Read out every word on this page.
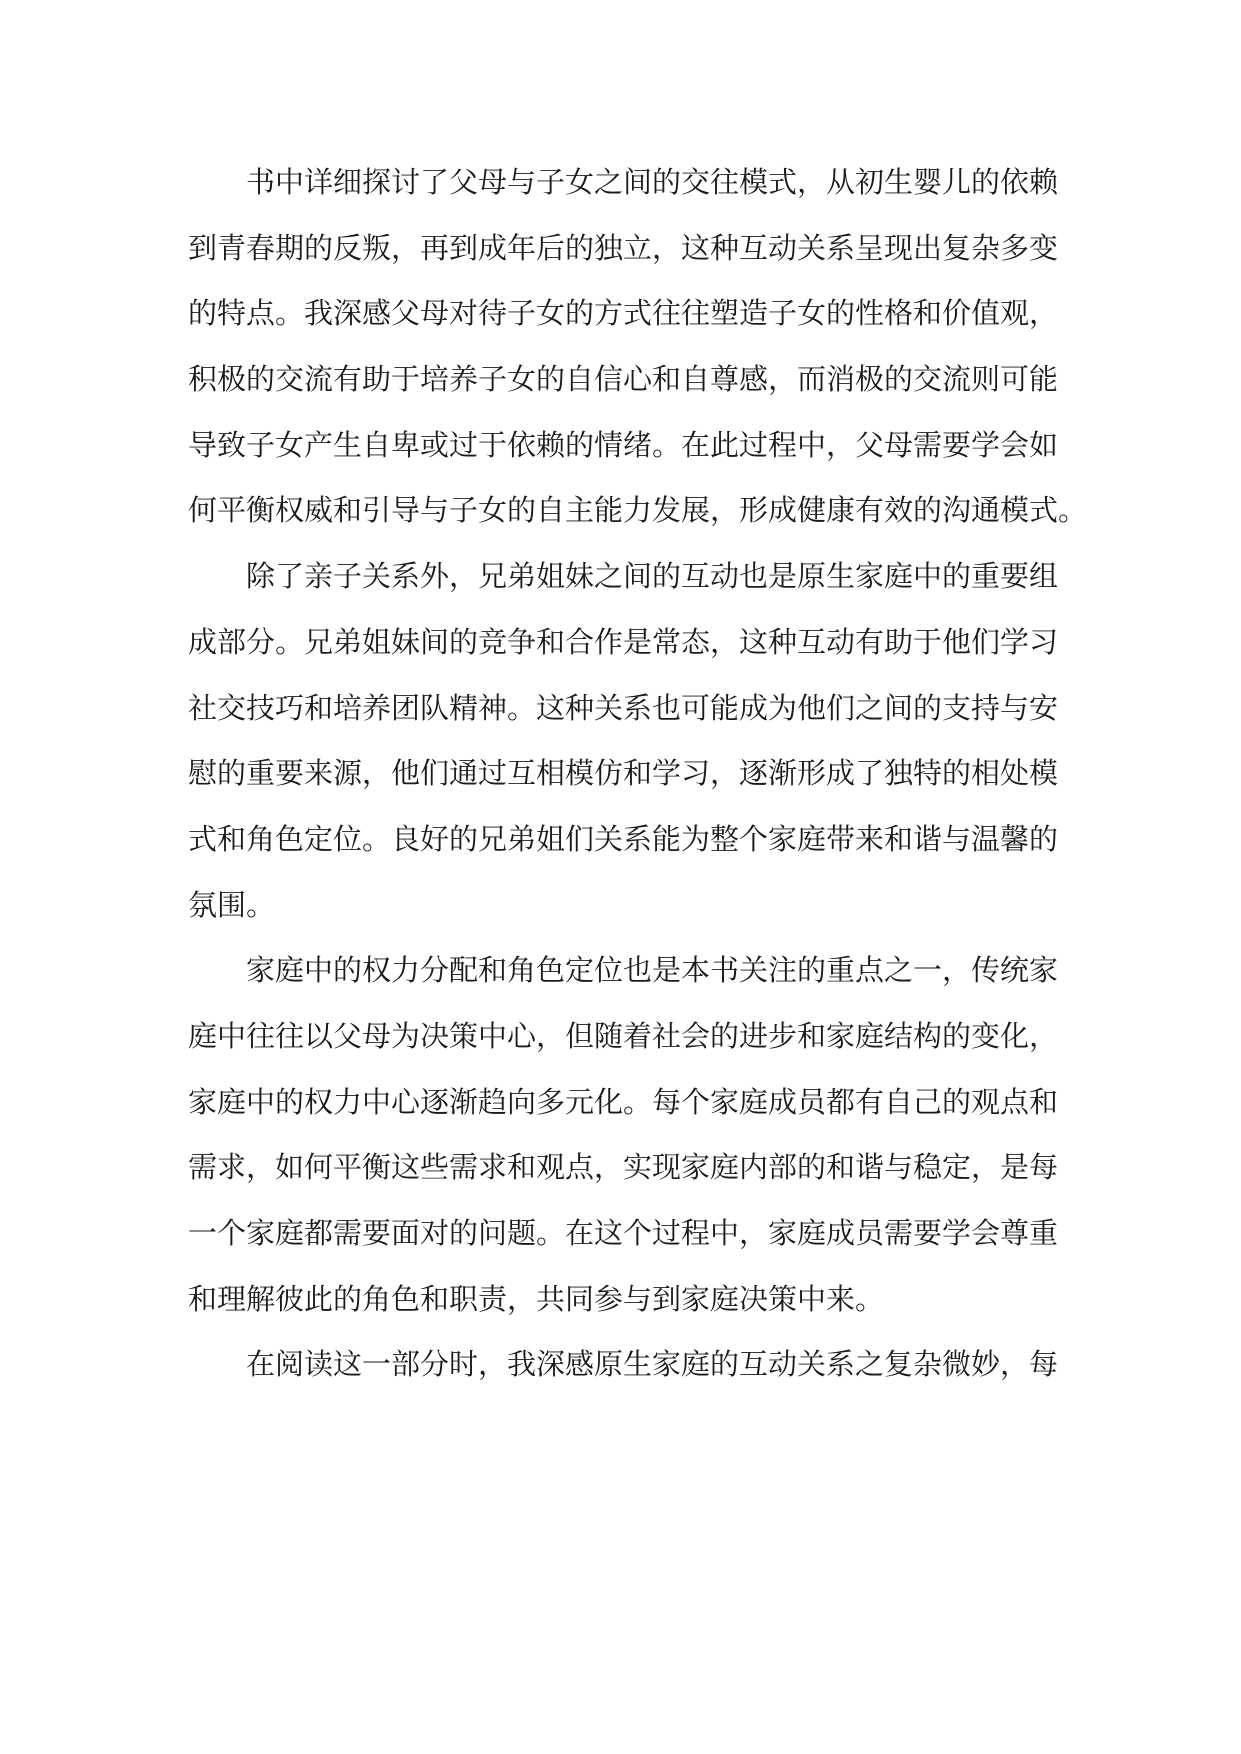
书中详细探讨了父母与子女之间的交往模式，从初生婴儿的依赖
到青春期的反叛，再到成年后的独立，这种互动关系呈现出复杂多变
的特点。我深感父母对待子女的方式往往塑造子女的性格和价值观，
积极的交流有助于培养子女的自信心和自尊感，而消极的交流则可能
导致子女产生自卑或过于依赖的情绪。在此过程中，父母需要学会如
何平衡权威和引导与子女的自主能力发展，形成健康有效的沟通模式。
除了亲子关系外，兄弟姐妹之间的互动也是原生家庭中的重要组
成部分。兄弟姐妹间的竞争和合作是常态，这种互动有助于他们学习
社交技巧和培养团队精神。这种关系也可能成为他们之间的支持与安
慰的重要来源，他们通过互相模仿和学习，逐渐形成了独特的相处模
式和角色定位。良好的兄弟姐们关系能为整个家庭带来和谐与温馨的
氛围。
家庭中的权力分配和角色定位也是本书关注的重点之一，传统家
庭中往往以父母为决策中心，但随着社会的进步和家庭结构的变化，
家庭中的权力中心逐渐趋向多元化。每个家庭成员都有自己的观点和
需求，如何平衡这些需求和观点，实现家庭内部的和谐与稳定，是每
一个家庭都需要面对的问题。在这个过程中，家庭成员需要学会尊重
和理解彼此的角色和职责，共同参与到家庭决策中来。
在阅读这一部分时，我深感原生家庭的互动关系之复杂微妙，每
